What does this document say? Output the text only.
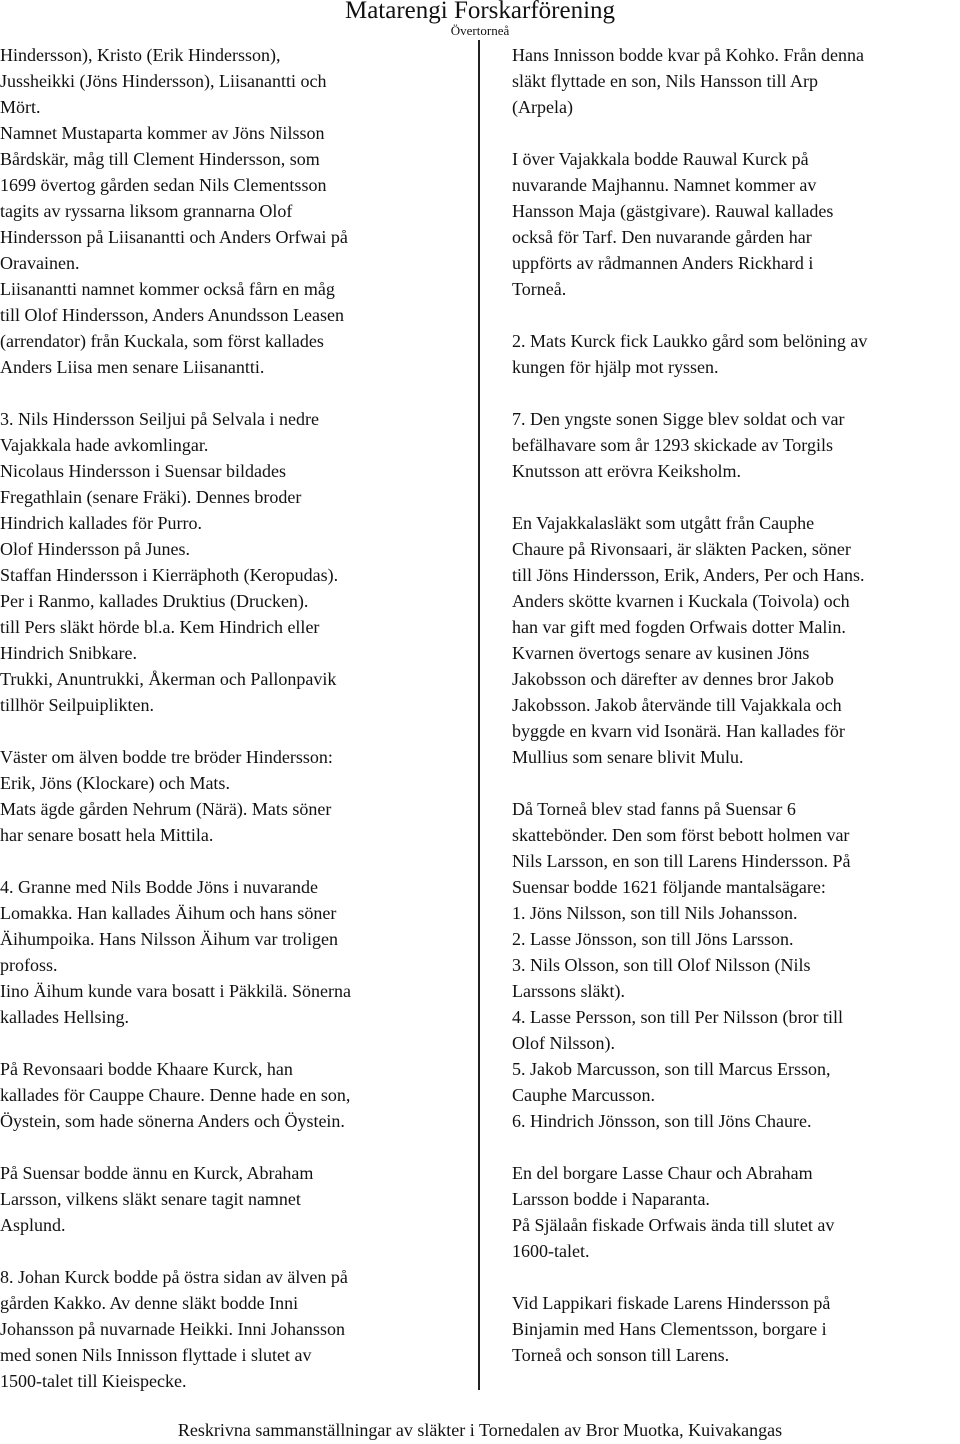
Matarengi Forskarförening
Övertorneå
Hindersson), Kristo (Erik Hindersson),
Jussheikki (Jöns Hindersson), Liisanantti och
Mört.
Namnet Mustaparta kommer av Jöns Nilsson
Bårdskär, måg till Clement Hindersson, som
1699 övertog gården sedan Nils Clementsson
tagits av ryssarna liksom grannarna Olof
Hindersson på Liisanantti och Anders Orfwai på
Oravainen.
Liisanantti namnet kommer också fårn en måg
till Olof Hindersson, Anders Anundsson Leasen
(arrendator) från Kuckala, som först kallades
Anders Liisa men senare Liisanantti.
3. Nils Hindersson Seiljui på Selvala i nedre
Vajakkala hade avkomlingar.
Nicolaus Hindersson i Suensar bildades
Fregathlain (senare Fräki). Dennes broder
Hindrich kallades för Purro.
Olof Hindersson på Junes.
Staffan Hindersson i Kierräphoth (Keropudas).
Per i Ranmo, kallades Druktius (Drucken).
till Pers släkt hörde bl.a. Kem Hindrich eller
Hindrich Snibkare.
Trukki, Anuntrukki, Åkerman och Pallonpavik
tillhör Seilpuiplikten.
Väster om älven bodde tre bröder Hindersson:
Erik, Jöns (Klockare) och Mats.
Mats ägde gården Nehrum (Närä). Mats söner
har senare bosatt hela Mittila.
4. Granne med Nils Bodde Jöns i nuvarande
Lomakka. Han kallades Äihum och hans söner
Äihumpoika. Hans Nilsson Äihum var troligen
profoss.
Iino Äihum kunde vara bosatt i Päkkilä. Sönerna
kallades Hellsing.
På Revonsaari bodde Khaare Kurck, han
kallades för Cauppe Chaure. Denne hade en son,
Öystein, som hade sönerna Anders och Öystein.
På Suensar bodde ännu en Kurck, Abraham
Larsson, vilkens släkt senare tagit namnet
Asplund.
8. Johan Kurck bodde på östra sidan av älven på
gården Kakko. Av denne släkt bodde Inni
Johansson på nuvarnade Heikki. Inni Johansson
med sonen Nils Innisson flyttade i slutet av
1500-talet till Kieispecke.
Hans Innisson bodde kvar på Kohko. Från denna
släkt flyttade en son, Nils Hansson till Arp
(Arpela)
I över Vajakkala bodde Rauwal Kurck på
nuvarande Majhannu. Namnet kommer av
Hansson Maja (gästgivare). Rauwal kallades
också för Tarf. Den nuvarande gården har
uppförts av rådmannen Anders Rickhard i
Torneå.
2. Mats Kurck fick Laukko gård som belöning av
kungen för hjälp mot ryssen.
7. Den yngste sonen Sigge blev soldat och var
befälhavare som år 1293 skickade av Torgils
Knutsson att erövra Keiksholm.
En Vajakkalasläkt som utgått från Cauphe
Chaure på Rivonsaari, är släkten Packen, söner
till Jöns Hindersson, Erik, Anders, Per och Hans.
Anders skötte kvarnen i Kuckala (Toivola) och
han var gift med fogden Orfwais dotter Malin.
Kvarnen övertogs senare av kusinen Jöns
Jakobsson och därefter av dennes bror Jakob
Jakobsson. Jakob återvände till Vajakkala och
byggde en kvarn vid Isonärä. Han kallades för
Mullius som senare blivit Mulu.
Då Torneå blev stad fanns på Suensar 6
skattebönder. Den som först bebott holmen var
Nils Larsson, en son till Larens Hindersson. På
Suensar bodde 1621 följande mantalsägare:
1. Jöns Nilsson, son till Nils Johansson.
2. Lasse Jönsson, son till Jöns Larsson.
3. Nils Olsson, son till Olof Nilsson (Nils
Larssons släkt).
4. Lasse Persson, son till Per Nilsson (bror till
Olof Nilsson).
5. Jakob Marcusson, son till Marcus Ersson,
Cauphe Marcusson.
6. Hindrich Jönsson, son till Jöns Chaure.
En del borgare Lasse Chaur och Abraham
Larsson bodde i Naparanta.
På Själaån fiskade Orfwais ända till slutet av
1600-talet.
Vid Lappikari fiskade Larens Hindersson på
Binjamin med Hans Clementsson, borgare i
Torneå och sonson till Larens.
Reskrivna sammanställningar av släkter i Tornedalen av Bror Muotka, Kuivakangas
